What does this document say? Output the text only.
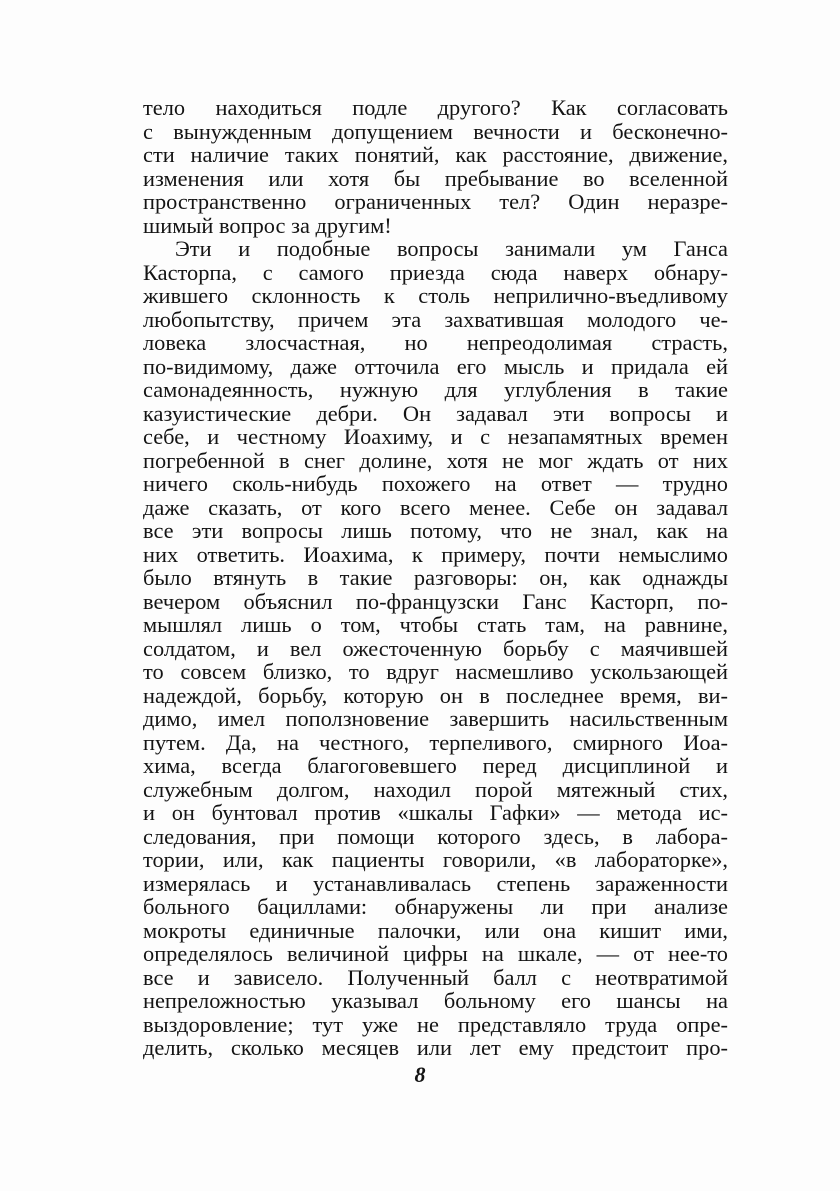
тело находиться подле другого? Как согласовать
с вынужденным допущением вечности и бесконечно-
сти наличие таких понятий, как расстояние, движение,
изменения или хотя бы пребывание во вселенной
пространственно ограниченных тел? Один неразре-
шимый вопрос за другим!
Эти и подобные вопросы занимали ум Ганса
Касторпа, с самого приезда сюда наверх обнару-
жившего склонность к столь неприлично-въедливому
любопытству, причем эта захватившая молодого че-
ловека злосчастная, но непреодолимая страсть,
по-видимому, даже отточила его мысль и придала ей
самонадеянность, нужную для углубления в такие
казуистические дебри. Он задавал эти вопросы и
себе, и честному Иоахиму, и с незапамятных времен
погребенной в снег долине, хотя не мог ждать от них
ничего сколь-нибудь похожего на ответ — трудно
даже сказать, от кого всего менее. Себе он задавал
все эти вопросы лишь потому, что не знал, как на
них ответить. Иоахима, к примеру, почти немыслимо
было втянуть в такие разговоры: он, как однажды
вечером объяснил по-французски Ганс Касторп, по-
мышлял лишь о том, чтобы стать там, на равнине,
солдатом, и вел ожесточенную борьбу с маячившей
то совсем близко, то вдруг насмешливо ускользающей
надеждой, борьбу, которую он в последнее время, ви-
димо, имел поползновение завершить насильственным
путем. Да, на честного, терпеливого, смирного Иоа-
хима, всегда благоговевшего перед дисциплиной и
служебным долгом, находил порой мятежный стих,
и он бунтовал против «шкалы Гафки» — метода ис-
следования, при помощи которого здесь, в лабора-
тории, или, как пациенты говорили, «в лабораторке»,
измерялась и устанавливалась степень зараженности
больного бациллами: обнаружены ли при анализе
мокроты единичные палочки, или она кишит ими,
определялось величиной цифры на шкале, — от нее-то
все и зависело. Полученный балл с неотвратимой
непреложностью указывал больному его шансы на
выздоровление; тут уже не представляло труда опре-
делить, сколько месяцев или лет ему предстоит про-
8
